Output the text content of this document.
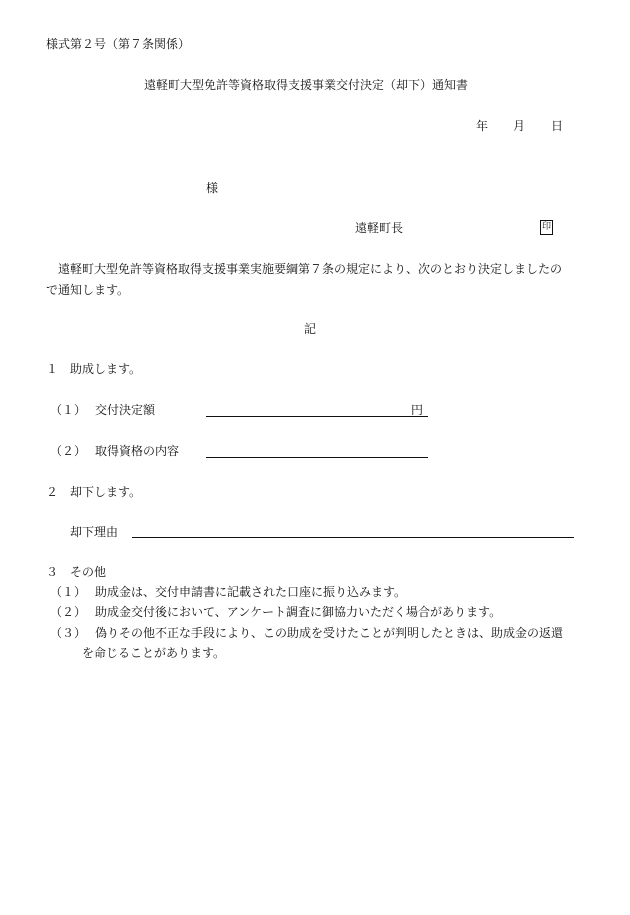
様式第２号（第７条関係）
遠軽町大型免許等資格取得支援事業交付決定（却下）通知書
年 月 日
様
遠軽町長	印
遠軽町大型免許等資格取得支援事業実施要綱第７条の規定により、次のとおり決定しましたの
で通知します。
記
１ 助成します。
（１） 交付決定額	円
（２） 取得資格の内容
２ 却下します。
却下理由
３ その他
（１） 助成金は、交付申請書に記載された口座に振り込みます。
（２） 助成金交付後において、アンケート調査に御協力いただく場合があります。
（３） 偽りその他不正な手段により、この助成を受けたことが判明したときは、助成金の返還
を命じることがあります。
